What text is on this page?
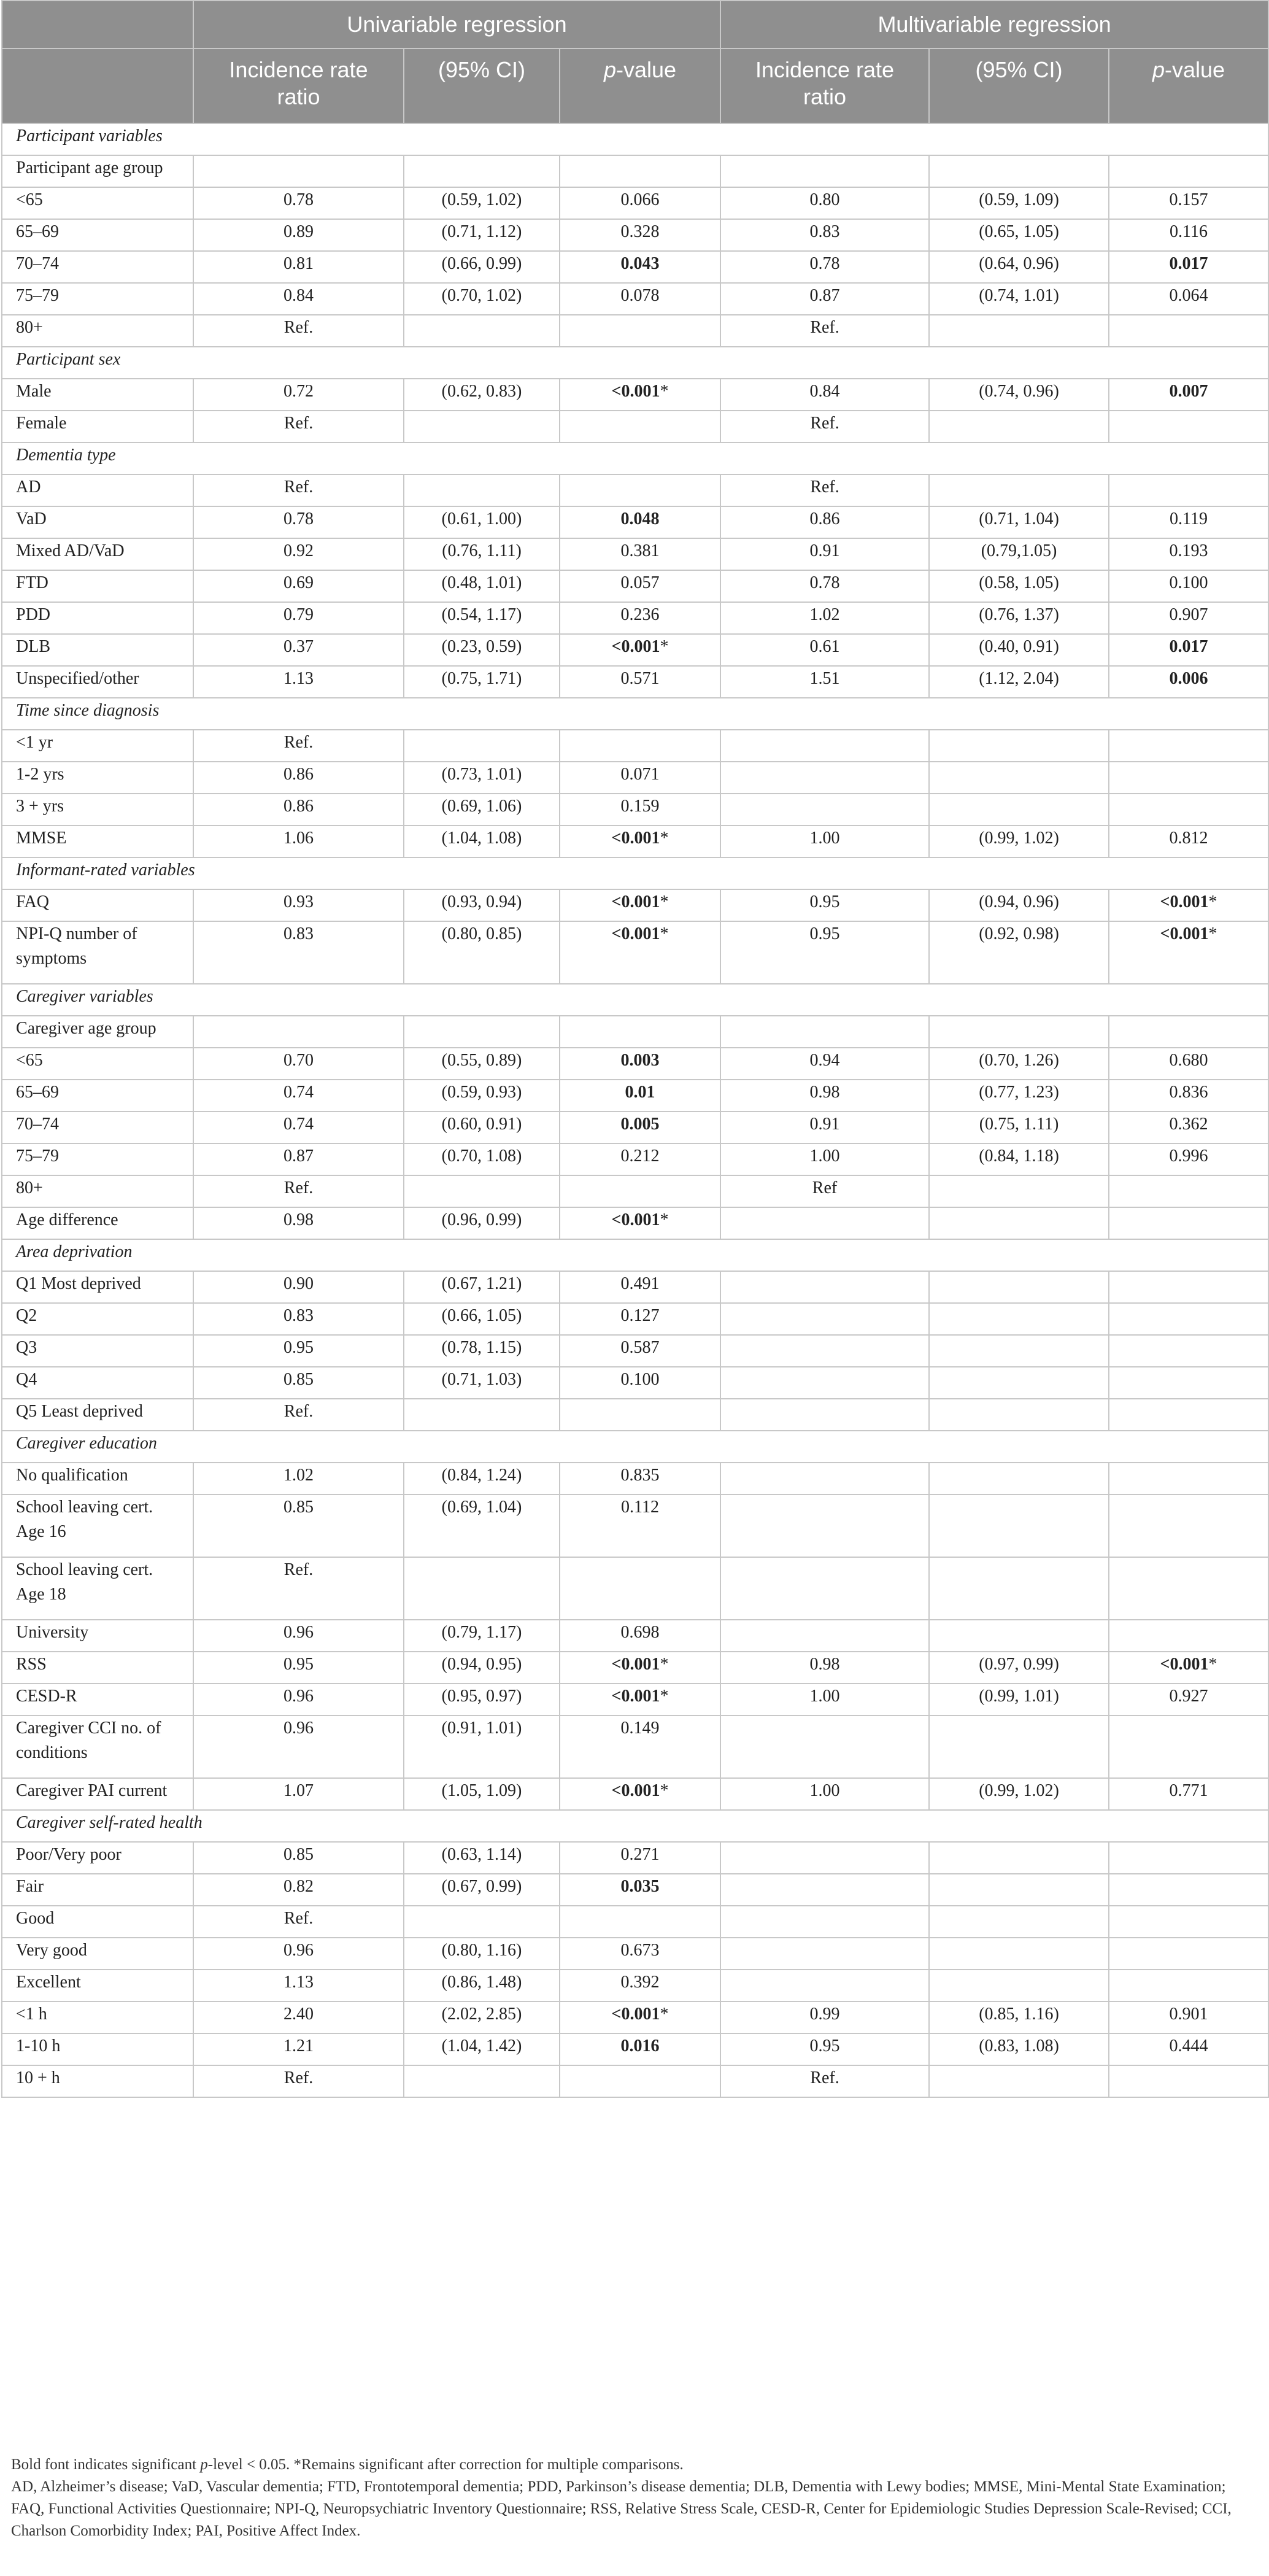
	Univariable regression			Multivariable regression		
	Incidence rate ratio	(95% CI)	p-value	Incidence rate ratio	(95% CI)	p-value
Participant variables						
Participant age group						
<65	0.78	(0.59, 1.02)	0.066	0.80	(0.59, 1.09)	0.157
65–69	0.89	(0.71, 1.12)	0.328	0.83	(0.65, 1.05)	0.116
70–74	0.81	(0.66, 0.99)	0.043	0.78	(0.64, 0.96)	0.017
75–79	0.84	(0.70, 1.02)	0.078	0.87	(0.74, 1.01)	0.064
80+	Ref.			Ref.		
Participant sex						
Male	0.72	(0.62, 0.83)	<0.001*	0.84	(0.74, 0.96)	0.007
Female	Ref.			Ref.		
Dementia type						
AD	Ref.			Ref.		
VaD	0.78	(0.61, 1.00)	0.048	0.86	(0.71, 1.04)	0.119
Mixed AD/VaD	0.92	(0.76, 1.11)	0.381	0.91	(0.79,1.05)	0.193
FTD	0.69	(0.48, 1.01)	0.057	0.78	(0.58, 1.05)	0.100
PDD	0.79	(0.54, 1.17)	0.236	1.02	(0.76, 1.37)	0.907
DLB	0.37	(0.23, 0.59)	<0.001*	0.61	(0.40, 0.91)	0.017
Unspecified/other	1.13	(0.75, 1.71)	0.571	1.51	(1.12, 2.04)	0.006
Time since diagnosis						
<1 yr	Ref.					
1-2 yrs	0.86	(0.73, 1.01)	0.071			
3 + yrs	0.86	(0.69, 1.06)	0.159			
MMSE	1.06	(1.04, 1.08)	<0.001*	1.00	(0.99, 1.02)	0.812
Informant-rated variables						
FAQ	0.93	(0.93, 0.94)	<0.001*	0.95	(0.94, 0.96)	<0.001*
NPI-Q number of symptoms	0.83	(0.80, 0.85)	<0.001*	0.95	(0.92, 0.98)	<0.001*
Caregiver variables						
Caregiver age group						
<65	0.70	(0.55, 0.89)	0.003	0.94	(0.70, 1.26)	0.680
65–69	0.74	(0.59, 0.93)	0.01	0.98	(0.77, 1.23)	0.836
70–74	0.74	(0.60, 0.91)	0.005	0.91	(0.75, 1.11)	0.362
75–79	0.87	(0.70, 1.08)	0.212	1.00	(0.84, 1.18)	0.996
80+	Ref.			Ref		
Age difference	0.98	(0.96, 0.99)	<0.001*			
Area deprivation						
Q1 Most deprived	0.90	(0.67, 1.21)	0.491			
Q2	0.83	(0.66, 1.05)	0.127			
Q3	0.95	(0.78, 1.15)	0.587			
Q4	0.85	(0.71, 1.03)	0.100			
Q5 Least deprived	Ref.					
Caregiver education						
No qualification	1.02	(0.84, 1.24)	0.835			
School leaving cert. Age 16	0.85	(0.69, 1.04)	0.112			
School leaving cert. Age 18	Ref.					
University	0.96	(0.79, 1.17)	0.698			
RSS	0.95	(0.94, 0.95)	<0.001*	0.98	(0.97, 0.99)	<0.001*
CESD-R	0.96	(0.95, 0.97)	<0.001*	1.00	(0.99, 1.01)	0.927
Caregiver CCI no. of conditions	0.96	(0.91, 1.01)	0.149			
Caregiver PAI current	1.07	(1.05, 1.09)	<0.001*	1.00	(0.99, 1.02)	0.771
Caregiver self-rated health						
Poor/Very poor	0.85	(0.63, 1.14)	0.271			
Fair	0.82	(0.67, 0.99)	0.035			
Good	Ref.					
Very good	0.96	(0.80, 1.16)	0.673			
Excellent	1.13	(0.86, 1.48)	0.392			
<1 h	2.40	(2.02, 2.85)	<0.001*	0.99	(0.85, 1.16)	0.901
1-10 h	1.21	(1.04, 1.42)	0.016	0.95	(0.83, 1.08)	0.444
10 + h	Ref.			Ref.		

Bold font indicates significant p-level < 0.05. *Remains significant after correction for multiple comparisons.

AD, Alzheimer’s disease; VaD, Vascular dementia; FTD, Frontotemporal dementia; PDD, Parkinson’s disease dementia; DLB, Dementia with Lewy bodies; MMSE, Mini-Mental State Examination; FAQ, Functional Activities Questionnaire; NPI-Q, Neuropsychiatric Inventory Questionnaire; RSS, Relative Stress Scale, CESD-R, Center for Epidemiologic Studies Depression Scale-Revised; CCI, Charlson Comorbidity Index; PAI, Positive Affect Index.
